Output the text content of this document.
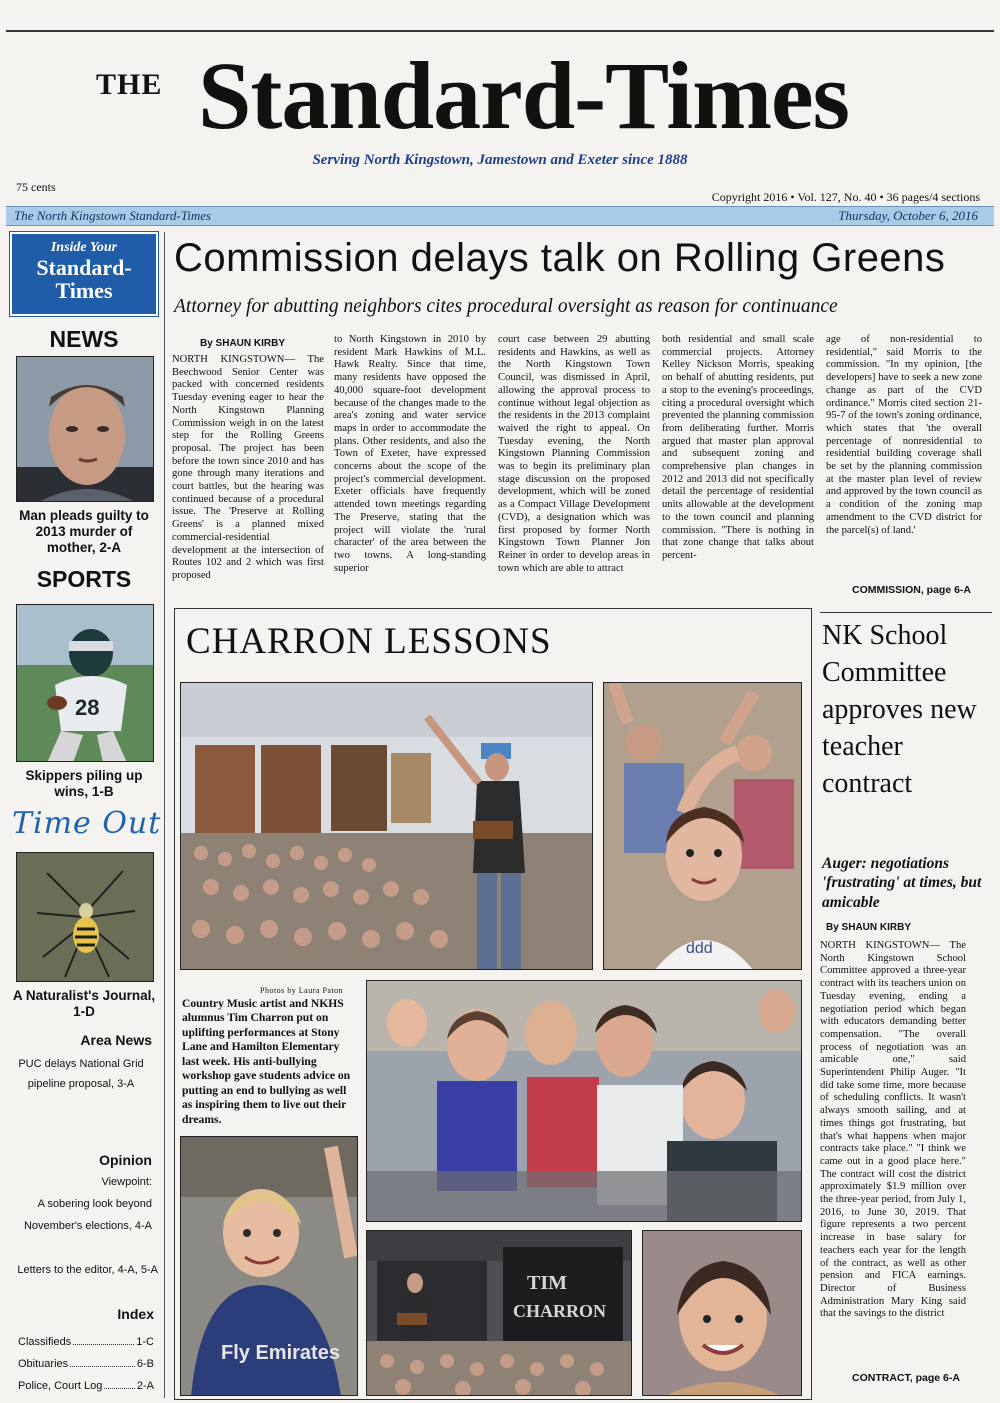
THE Standard-Times
Serving North Kingstown, Jamestown and Exeter since 1888
75 cents
Copyright 2016 • Vol. 127, No. 40 • 36 pages/4 sections
The North Kingstown Standard-Times	Thursday, October 6, 2016
Inside Your
Standard-
Times
NEWS
Man pleads guilty to 2013 murder of mother, 2-A
SPORTS
28
Skippers piling up wins, 1-B
Time Out
A Naturalist's Journal, 1-D
Area News
PUC delays National Grid
pipeline proposal, 3-A
Opinion
Viewpoint:
A sobering look beyond
November's elections, 4-A
Letters to the editor, 4-A, 5-A
Index
Classifieds	1-C
Obituaries	6-B
Police, Court Log	2-A
Commission delays talk on Rolling Greens
Attorney for abutting neighbors cites procedural oversight as reason for continuance
By SHAUN KIRBY
NORTH KINGSTOWN— The Beechwood Senior Center was packed with concerned residents Tuesday evening eager to hear the North Kingstown Planning Commission weigh in on the latest step for the Rolling Greens proposal. The project has been before the town since 2010 and has gone through many iterations and court battles, but the hearing was continued because of a procedural issue. The 'Preserve at Rolling Greens' is a planned mixed commercial-residential development at the intersection of Routes 102 and 2 which was first proposed
to North Kingstown in 2010 by resident Mark Hawkins of M.L. Hawk Realty. Since that time, many residents have opposed the 40,000 square-foot development because of the changes made to the area's zoning and water service maps in order to accommodate the plans. Other residents, and also the Town of Exeter, have expressed concerns about the scope of the project's commercial development. Exeter officials have frequently attended town meetings regarding The Preserve, stating that the project will violate the 'rural character' of the area between the two towns. A long-standing superior
court case between 29 abutting residents and Hawkins, as well as the North Kingstown Town Council, was dismissed in April, allowing the approval process to continue without legal objection as the residents in the 2013 complaint waived the right to appeal. On Tuesday evening, the North Kingstown Planning Commission was to begin its preliminary plan stage discussion on the proposed development, which will be zoned as a Compact Village Development (CVD), a designation which was first proposed by former North Kingstown Town Planner Jon Reiner in order to develop areas in town which are able to attract
both residential and small scale commercial projects. Attorney Kelley Nickson Morris, speaking on behalf of abutting residents, put a stop to the evening's proceedings, citing a procedural oversight which prevented the planning commission from deliberating further. Morris argued that master plan approval and subsequent zoning and comprehensive plan changes in 2012 and 2013 did not specifically detail the percentage of residential units allowable at the development to the town council and planning commission. "There is nothing in that zone change that talks about percent-
age of non-residential to residential," said Morris to the commission. "In my opinion, [the developers] have to seek a new zone change as part of the CVD ordinance." Morris cited section 21-95-7 of the town's zoning ordinance, which states that 'the overall percentage of nonresidential to residential building coverage shall be set by the planning commission at the master plan level of review and approved by the town council as a condition of the zoning map amendment to the CVD district for the parcel(s) of land.'
COMMISSION, page 6-A
CHARRON LESSONS
ddd
Photos by Laura Paton
Country Music artist and NKHS alumnus Tim Charron put on uplifting performances at Stony Lane and Hamilton Elementary last week. His anti-bullying workshop gave students advice on putting an end to bullying as well as inspiring them to live out their dreams.
Fly Emirates
TIM
CHARRON
NK School Committee approves new teacher contract
Auger: negotiations 'frustrating' at times, but amicable
By SHAUN KIRBY
NORTH KINGSTOWN— The North Kingstown School Committee approved a three-year contract with its teachers union on Tuesday evening, ending a negotiation period which began with educators demanding better compensation. "The overall process of negotiation was an amicable one," said Superintendent Philip Auger. "It did take some time, more because of scheduling conflicts. It wasn't always smooth sailing, and at times things got frustrating, but that's what happens when major contracts take place." "I think we came out in a good place here." The contract will cost the district approximately $1.9 million over the three-year period, from July 1, 2016, to June 30, 2019. That figure represents a two percent increase in base salary for teachers each year for the length of the contract, as well as other pension and FICA earnings. Director of Business Administration Mary King said that the savings to the district
CONTRACT, page 6-A
